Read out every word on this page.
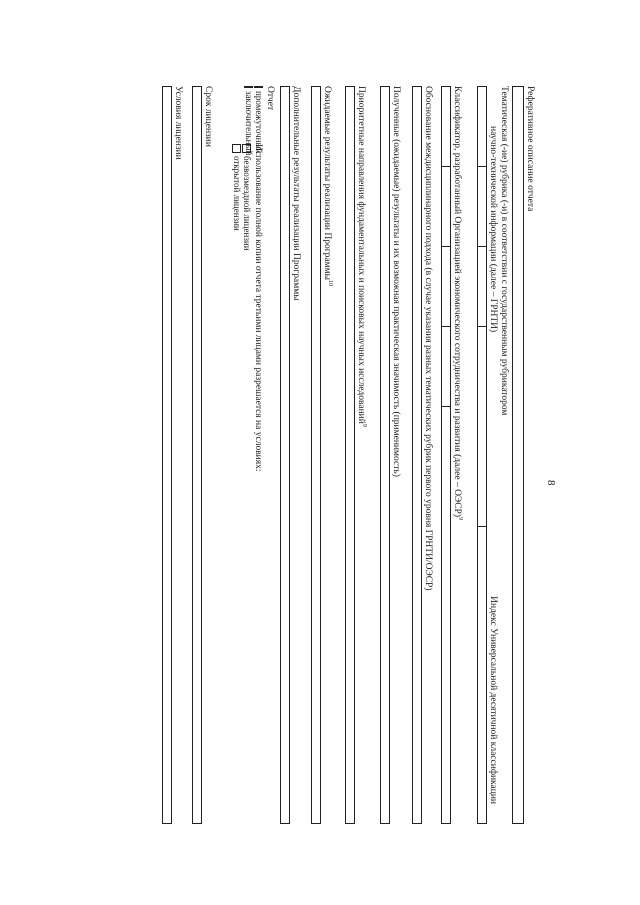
8
Реферативное описание отчета
Тематическая (-ие) рубрика (-и) в соответствии с государственным рубрикатором
научно-технической информации (далее – ГРНТИ)
Индекс Универсальной десятичной классификации
Классификатор, разработанный Организацией экономического сотрудничества и развития (далее – ОЭСР)$^9$
Обоснование междисциплинарного подхода (в случае указания разных тематических рубрик первого уровня ГРНТИ/ОЭСР)
Полученные (ожидаемые) результаты и их возможная практическая значимость (применимость)
Приоритетные направления фундаментальных и поисковых научных исследований$^9$
Ожидаемые результаты реализации Программы$^{10}$
Дополнительные результаты реализации Программы
Отчет
промежуточный
заключительный
Использование полной копии отчета третьими лицами разрешается на условиях:
безвозмездной лицензии
открытой лицензии
Срок лицензии
Условия лицензии
